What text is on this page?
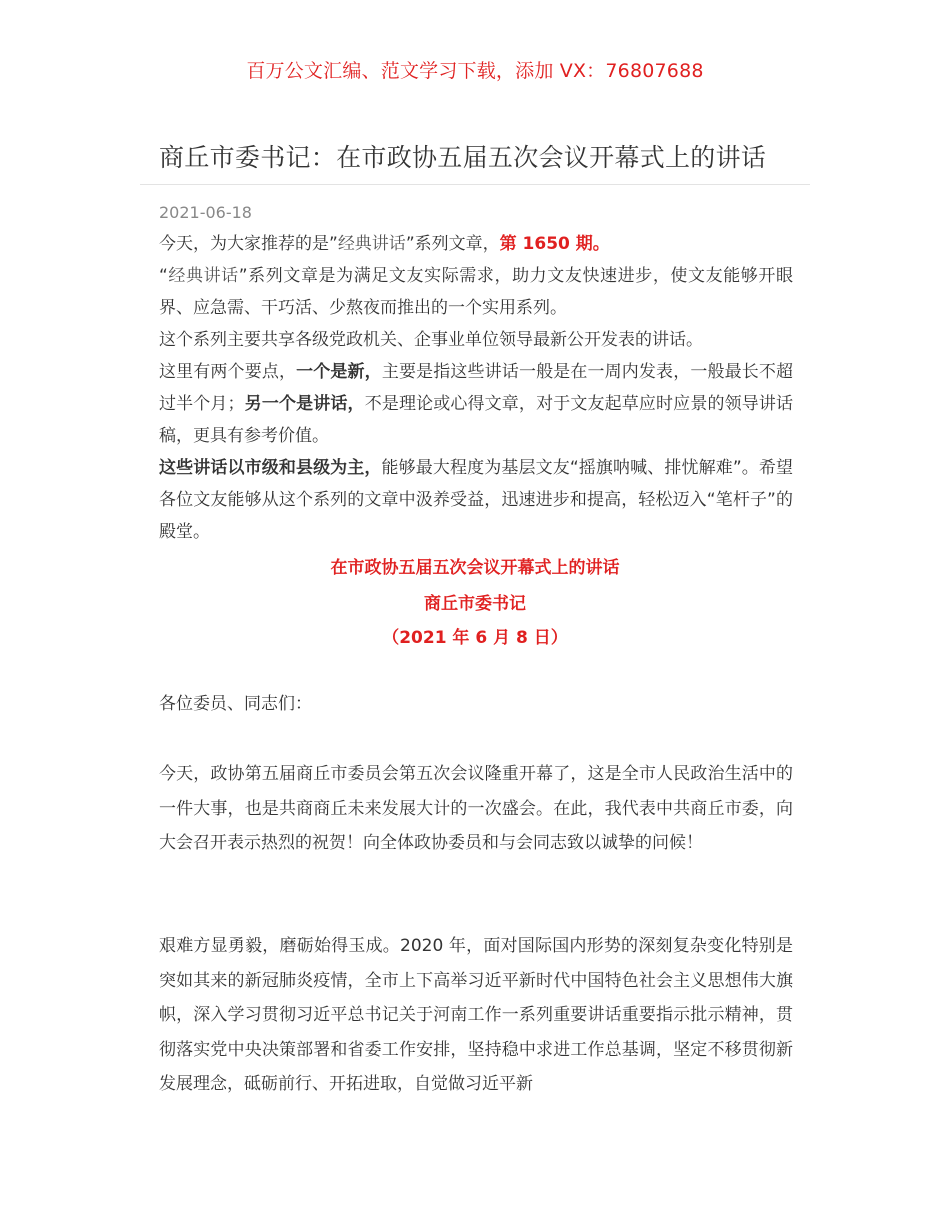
百万公文汇编、范文学习下载，添加 VX：76807688
商丘市委书记：在市政协五届五次会议开幕式上的讲话
2021-06-18
今天，为大家推荐的是”经典讲话”系列文章，第 1650 期。
“经典讲话”系列文章是为满足文友实际需求，助力文友快速进步，使文友能够开眼界、应急需、干巧活、少熬夜而推出的一个实用系列。
这个系列主要共享各级党政机关、企事业单位领导最新公开发表的讲话。
这里有两个要点，一个是新，主要是指这些讲话一般是在一周内发表，一般最长不超过半个月；另一个是讲话，不是理论或心得文章，对于文友起草应时应景的领导讲话稿，更具有参考价值。
这些讲话以市级和县级为主，能够最大程度为基层文友“摇旗呐喊、排忧解难”。希望各位文友能够从这个系列的文章中汲养受益，迅速进步和提高，轻松迈入“笔杆子”的殿堂。
在市政协五届五次会议开幕式上的讲话
商丘市委书记
（2021 年 6 月 8 日）
各位委员、同志们：
今天，政协第五届商丘市委员会第五次会议隆重开幕了，这是全市人民政治生活中的一件大事，也是共商商丘未来发展大计的一次盛会。在此，我代表中共商丘市委，向大会召开表示热烈的祝贺！向全体政协委员和与会同志致以诚挚的问候！
艰难方显勇毅，磨砺始得玉成。2020 年，面对国际国内形势的深刻复杂变化特别是突如其来的新冠肺炎疫情，全市上下高举习近平新时代中国特色社会主义思想伟大旗帜，深入学习贯彻习近平总书记关于河南工作一系列重要讲话重要指示批示精神，贯彻落实党中央决策部署和省委工作安排，坚持稳中求进工作总基调，坚定不移贯彻新发展理念，砥砺前行、开拓进取，自觉做习近平新
